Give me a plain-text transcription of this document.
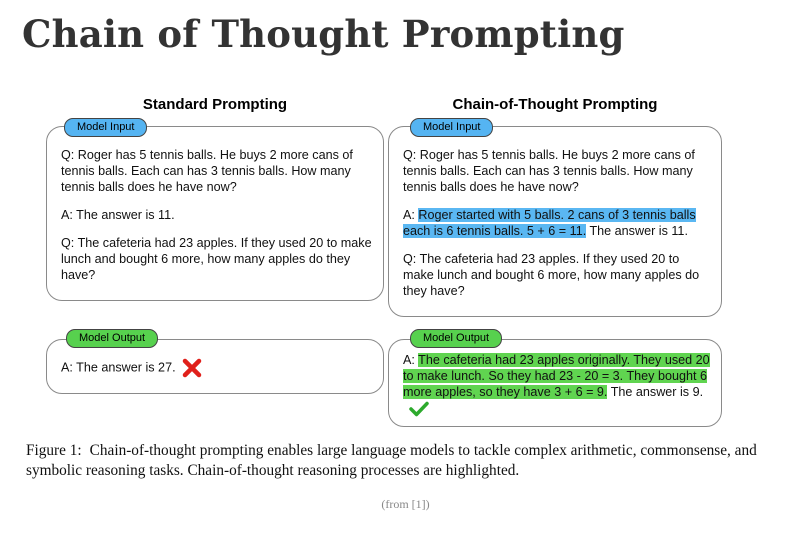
Chain of Thought Prompting
Standard Prompting
Model Input

Q: Roger has 5 tennis balls. He buys 2 more cans of tennis balls. Each can has 3 tennis balls. How many tennis balls does he have now?

A: The answer is 11.

Q: The cafeteria had 23 apples. If they used 20 to make lunch and bought 6 more, how many apples do they have?

Model Output
A: The answer is 27.
Chain-of-Thought Prompting
Model Input

Q: Roger has 5 tennis balls. He buys 2 more cans of tennis balls. Each can has 3 tennis balls. How many tennis balls does he have now?

A: Roger started with 5 balls. 2 cans of 3 tennis balls each is 6 tennis balls. 5 + 6 = 11. The answer is 11.

Q: The cafeteria had 23 apples. If they used 20 to make lunch and bought 6 more, how many apples do they have?

Model Output
A: The cafeteria had 23 apples originally. They used 20 to make lunch. So they had 23 - 20 = 3. They bought 6 more apples, so they have 3 + 6 = 9. The answer is 9.
Figure 1: Chain-of-thought prompting enables large language models to tackle complex arithmetic, commonsense, and symbolic reasoning tasks. Chain-of-thought reasoning processes are highlighted.
(from [1])
